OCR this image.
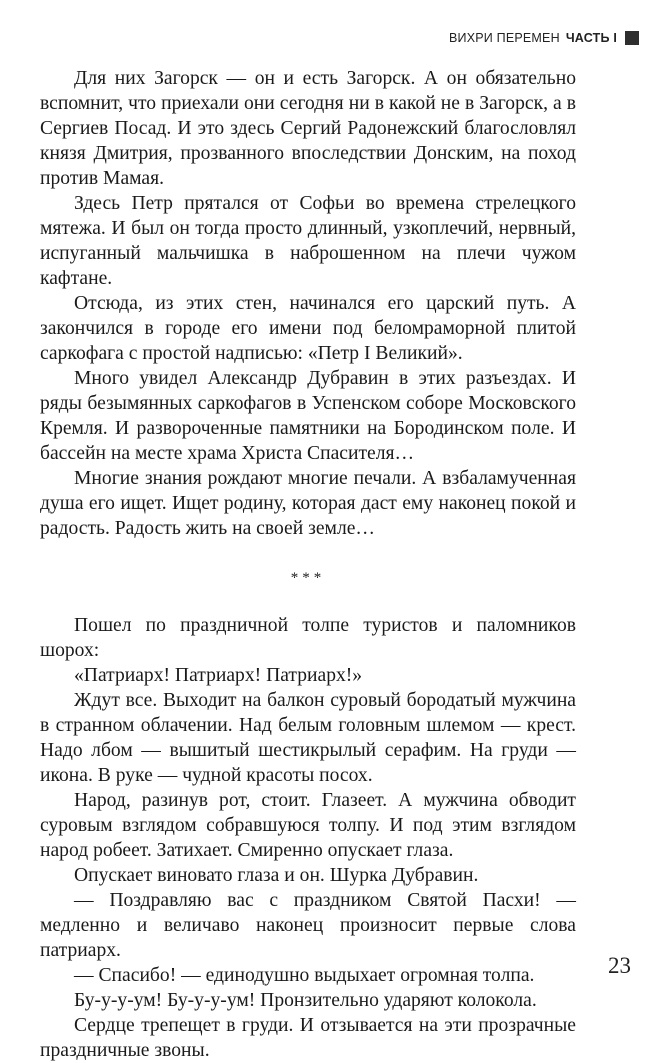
ВИХРИ ПЕРЕМЕН ЧАСТЬ I

Для них Загорск — он и есть Загорск. А он обязательно вспомнит, что приехали они сегодня ни в какой не в Загорск, а в Сергиев Посад. И это здесь Сергий Радонежский благословлял князя Дмитрия, прозванного впоследствии Донским, на поход против Мамая.

Здесь Петр прятался от Софьи во времена стрелецкого мятежа. И был он тогда просто длинный, узкоплечий, нервный, испуганный мальчишка в наброшенном на плечи чужом кафтане.

Отсюда, из этих стен, начинался его царский путь. А закончился в городе его имени под беломраморной плитой саркофага с простой надписью: «Петр I Великий».

Много увидел Александр Дубравин в этих разъездах. И ряды безымянных саркофагов в Успенском соборе Московского Кремля. И развороченные памятники на Бородинском поле. И бассейн на месте храма Христа Спасителя…

Многие знания рождают многие печали. А взбаламученная душа его ищет. Ищет родину, которая даст ему наконец покой и радость. Радость жить на своей земле…

***

Пошел по праздничной толпе туристов и паломников шорох:

«Патриарх! Патриарх! Патриарх!»

Ждут все. Выходит на балкон суровый бородатый мужчина в странном облачении. Над белым головным шлемом — крест. Надо лбом — вышитый шестикрылый серафим. На груди — икона. В руке — чудной красоты посох.

Народ, разинув рот, стоит. Глазеет. А мужчина обводит суровым взглядом собравшуюся толпу. И под этим взглядом народ робеет. Затихает. Смиренно опускает глаза.

Опускает виновато глаза и он. Шурка Дубравин.

— Поздравляю вас с праздником Святой Пасхи! — медленно и величаво наконец произносит первые слова патриарх.

— Спасибо! — единодушно выдыхает огромная толпа.

Бу-у-у-ум! Бу-у-у-ум! Пронзительно ударяют колокола.

Сердце трепещет в груди. И отзывается на эти прозрачные праздничные звоны.

23
